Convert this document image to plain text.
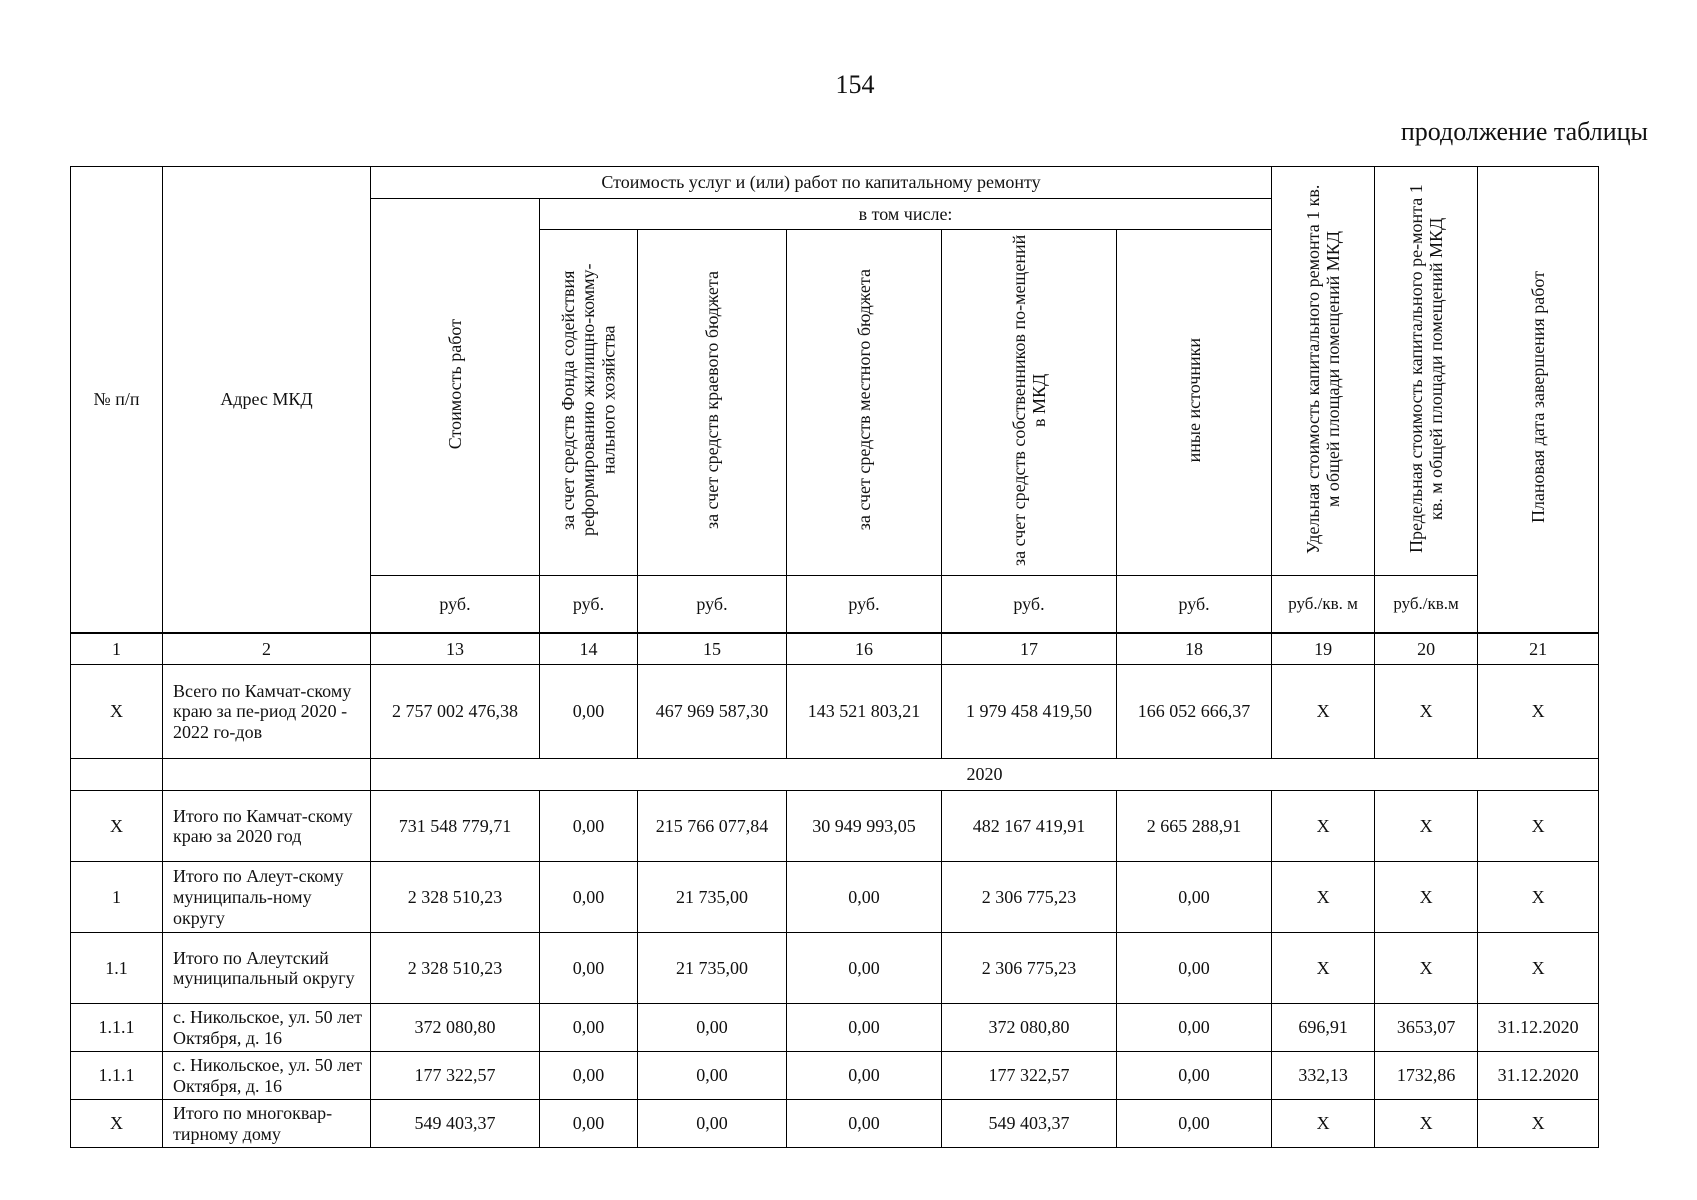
154
продолжение таблицы
№ п/п	Адрес МКД	Стоимость услуг и (или) работ по капитальному ремонту						Удельная стоимость капитального ремонта 1 кв. м общей площади помещений МКД	Предельная стоимость капитального ре-монта 1 кв. м общей площади помещений МКД	Плановая дата завершения работ
		Стоимость работ	в том числе:							
			за счет средств Фонда содействия реформированию жилищно-комму-нального хозяйства	за счет средств краевого бюджета	за счет средств местного бюджета	за счет средств собственников по-мещений в МКД	иные источники			
		руб.	руб.	руб.	руб.	руб.	руб.	руб./кв. м	руб./кв.м	
1	2	13	14	15	16	17	18	19	20	21
Х	Всего по Камчат-скому краю за пе-риод 2020 - 2022 го-дов	2 757 002 476,38	0,00	467 969 587,30	143 521 803,21	1 979 458 419,50	166 052 666,37	Х	Х	Х
		2020								
Х	Итого по Камчат-скому краю за 2020 год	731 548 779,71	0,00	215 766 077,84	30 949 993,05	482 167 419,91	2 665 288,91	Х	Х	Х
1	Итого по Алеут-скому муниципаль-ному округу	2 328 510,23	0,00	21 735,00	0,00	2 306 775,23	0,00	Х	Х	Х
1.1	Итого по Алеутский муниципальный округу	2 328 510,23	0,00	21 735,00	0,00	2 306 775,23	0,00	Х	Х	Х
1.1.1	с. Никольское, ул. 50 лет Октября, д. 16	372 080,80	0,00	0,00	0,00	372 080,80	0,00	696,91	3653,07	31.12.2020
1.1.1	с. Никольское, ул. 50 лет Октября, д. 16	177 322,57	0,00	0,00	0,00	177 322,57	0,00	332,13	1732,86	31.12.2020
Х	Итого по многоквар-тирному дому	549 403,37	0,00	0,00	0,00	549 403,37	0,00	Х	Х	Х
